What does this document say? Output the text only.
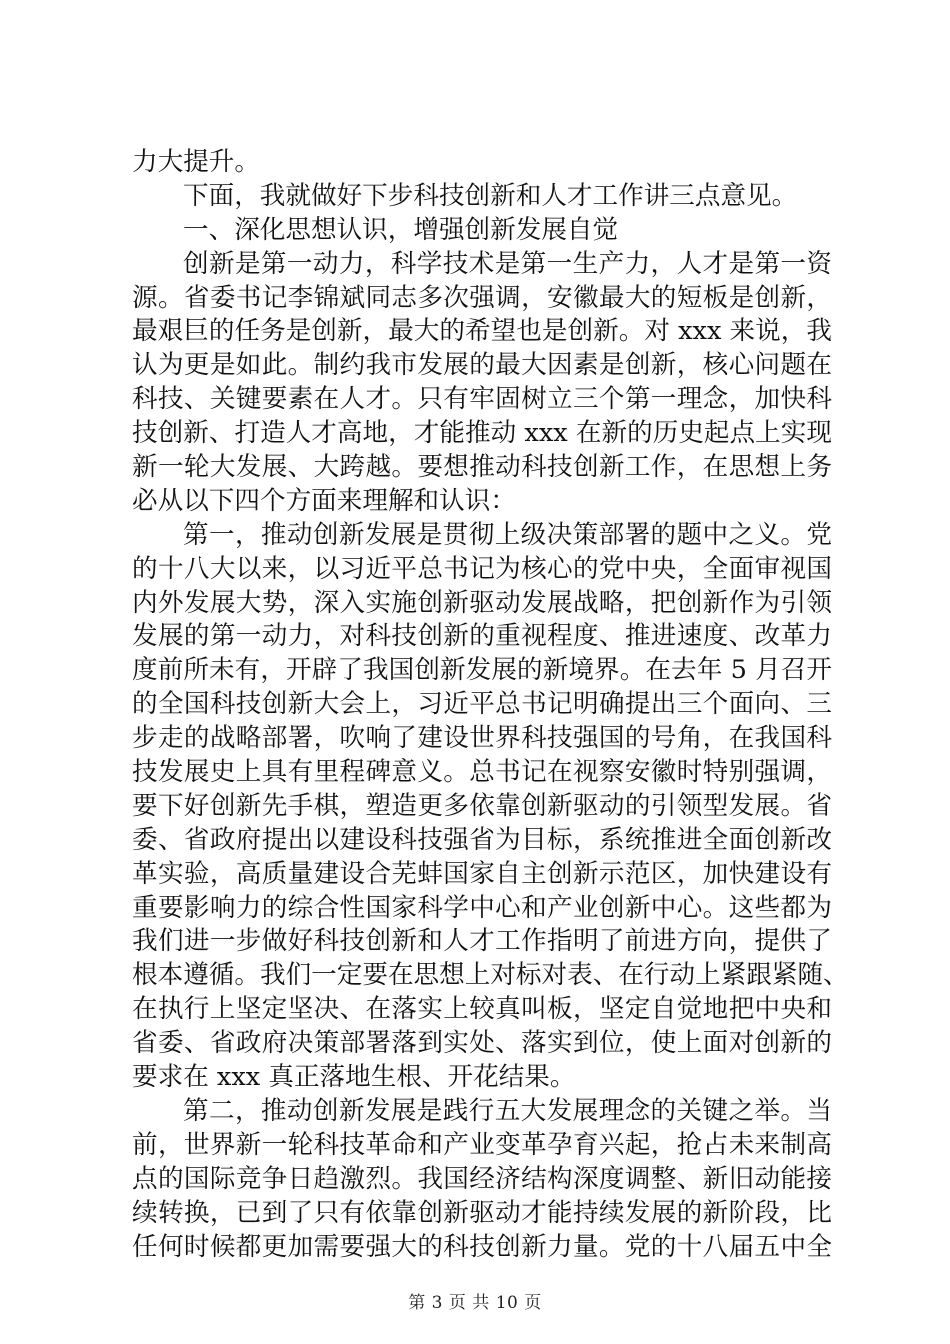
力大提升。
下面，我就做好下步科技创新和人才工作讲三点意见。
一、深化思想认识，增强创新发展自觉
创新是第一动力，科学技术是第一生产力，人才是第一资
源。省委书记李锦斌同志多次强调，安徽最大的短板是创新，
最艰巨的任务是创新，最大的希望也是创新。对 xxx 来说，我
认为更是如此。制约我市发展的最大因素是创新，核心问题在
科技、关键要素在人才。只有牢固树立三个第一理念，加快科
技创新、打造人才高地，才能推动 xxx 在新的历史起点上实现
新一轮大发展、大跨越。要想推动科技创新工作，在思想上务
必从以下四个方面来理解和认识：
第一，推动创新发展是贯彻上级决策部署的题中之义。党
的十八大以来，以习近平总书记为核心的党中央，全面审视国
内外发展大势，深入实施创新驱动发展战略，把创新作为引领
发展的第一动力，对科技创新的重视程度、推进速度、改革力
度前所未有，开辟了我国创新发展的新境界。在去年 5 月召开
的全国科技创新大会上，习近平总书记明确提出三个面向、三
步走的战略部署，吹响了建设世界科技强国的号角，在我国科
技发展史上具有里程碑意义。总书记在视察安徽时特别强调，
要下好创新先手棋，塑造更多依靠创新驱动的引领型发展。省
委、省政府提出以建设科技强省为目标，系统推进全面创新改
革实验，高质量建设合芜蚌国家自主创新示范区，加快建设有
重要影响力的综合性国家科学中心和产业创新中心。这些都为
我们进一步做好科技创新和人才工作指明了前进方向，提供了
根本遵循。我们一定要在思想上对标对表、在行动上紧跟紧随、
在执行上坚定坚决、在落实上较真叫板，坚定自觉地把中央和
省委、省政府决策部署落到实处、落实到位，使上面对创新的
要求在 xxx 真正落地生根、开花结果。
第二，推动创新发展是践行五大发展理念的关键之举。当
前，世界新一轮科技革命和产业变革孕育兴起，抢占未来制高
点的国际竞争日趋激烈。我国经济结构深度调整、新旧动能接
续转换，已到了只有依靠创新驱动才能持续发展的新阶段，比
任何时候都更加需要强大的科技创新力量。党的十八届五中全
第 3 页 共 10 页
